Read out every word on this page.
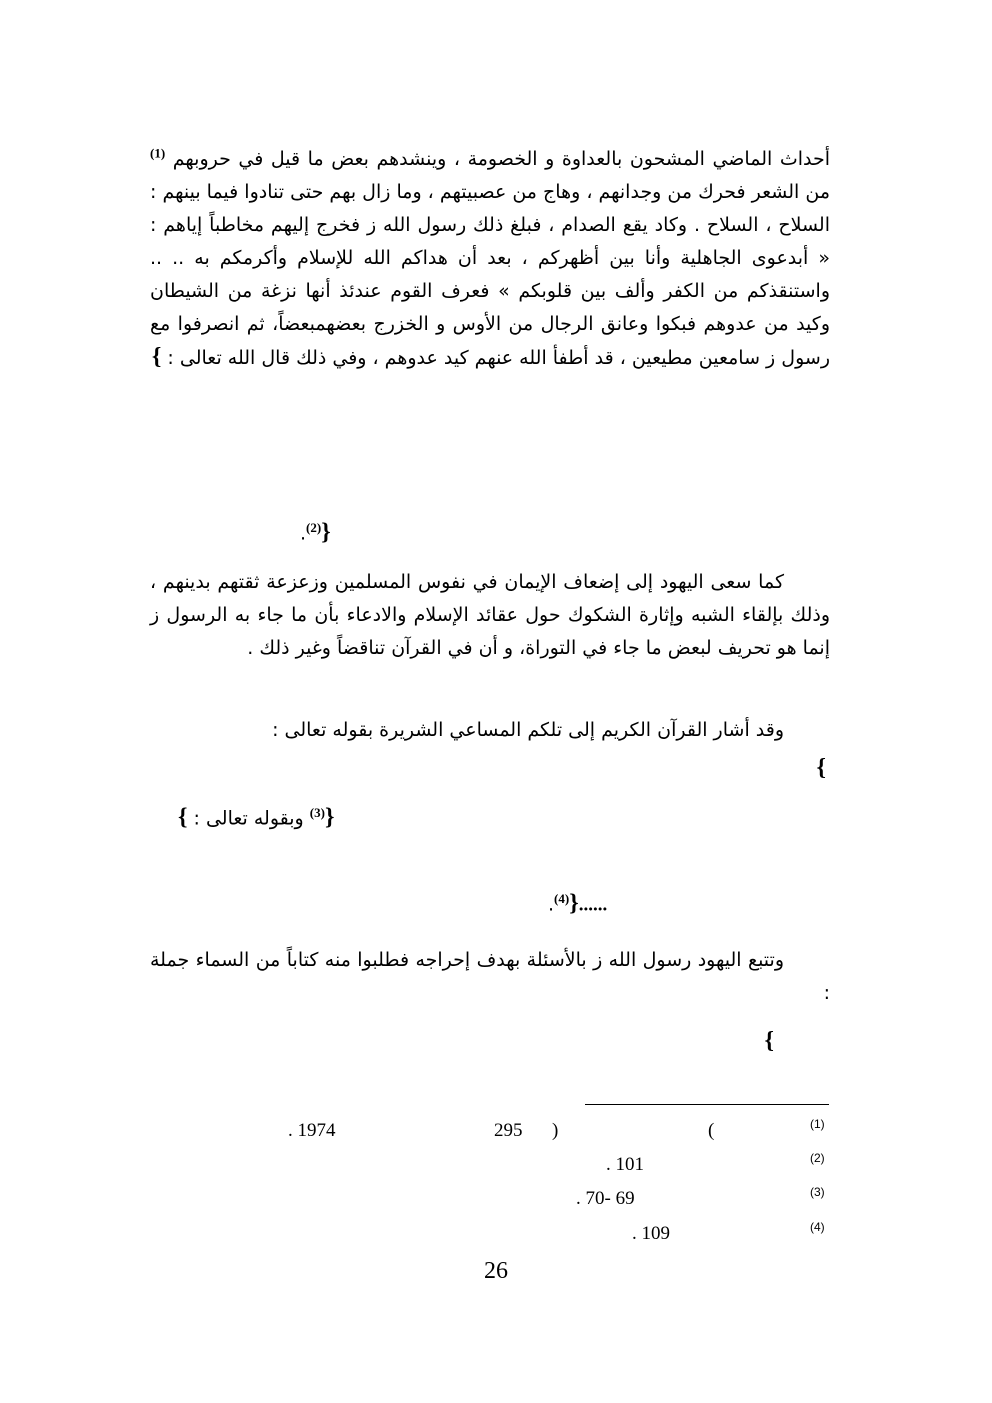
أحداث الماضي المشحون بالعداوة و الخصومة ، وينشدهم بعض ما قيل في حروبهم $^{(1)}$ من الشعر فحرك من وجدانهم ، وهاج من عصبيتهم ، وما زال بهم حتى تنادوا فيما بينهم : السلاح ، السلاح . وكاد يقع الصدام ، فبلغ ذلك رسول الله ز فخرج إليهم مخاطباً إياهم : « أبدعوى الجاهلية وأنا بين أظهركم ، بعد أن هداكم الله للإسلام وأكرمكم به .. .. واستنقذكم من الكفر وألف بين قلوبكم » فعرف القوم عندئذ أنها نزغة من الشيطان وكيد من عدوهم فبكوا وعانق الرجال من الأوس و الخزرج بعضهمبعضاً، ثم انصرفوا مع رسول ز سامعين مطيعين ، قد أطفأ الله عنهم كيد عدوهم ، وفي ذلك قال الله تعالى : }
{$^{(2)}$.
كما سعى اليهود إلى إضعاف الإيمان في نفوس المسلمين وزعزعة ثقتهم بدينهم ، وذلك بإلقاء الشبه وإثارة الشكوك حول عقائد الإسلام والادعاء بأن ما جاء به الرسول ز إنما هو تحريف لبعض ما جاء في التوراة، و أن في القرآن تناقضاً وغير ذلك .
وقد أشار القرآن الكريم إلى تلكم المساعي الشريرة بقوله تعالى :
}
{$^{(3)}$ وبقوله تعالى : }
......{$^{(4)}$.
وتتبع اليهود رسول الله ز بالأسئلة بهدف إحراجه فطلبوا منه كتاباً من السماء جملة :
}
. 1974	295 )	(	(1)
. 101	(2)
. 70- 69	(3)
. 109	(4)
26
